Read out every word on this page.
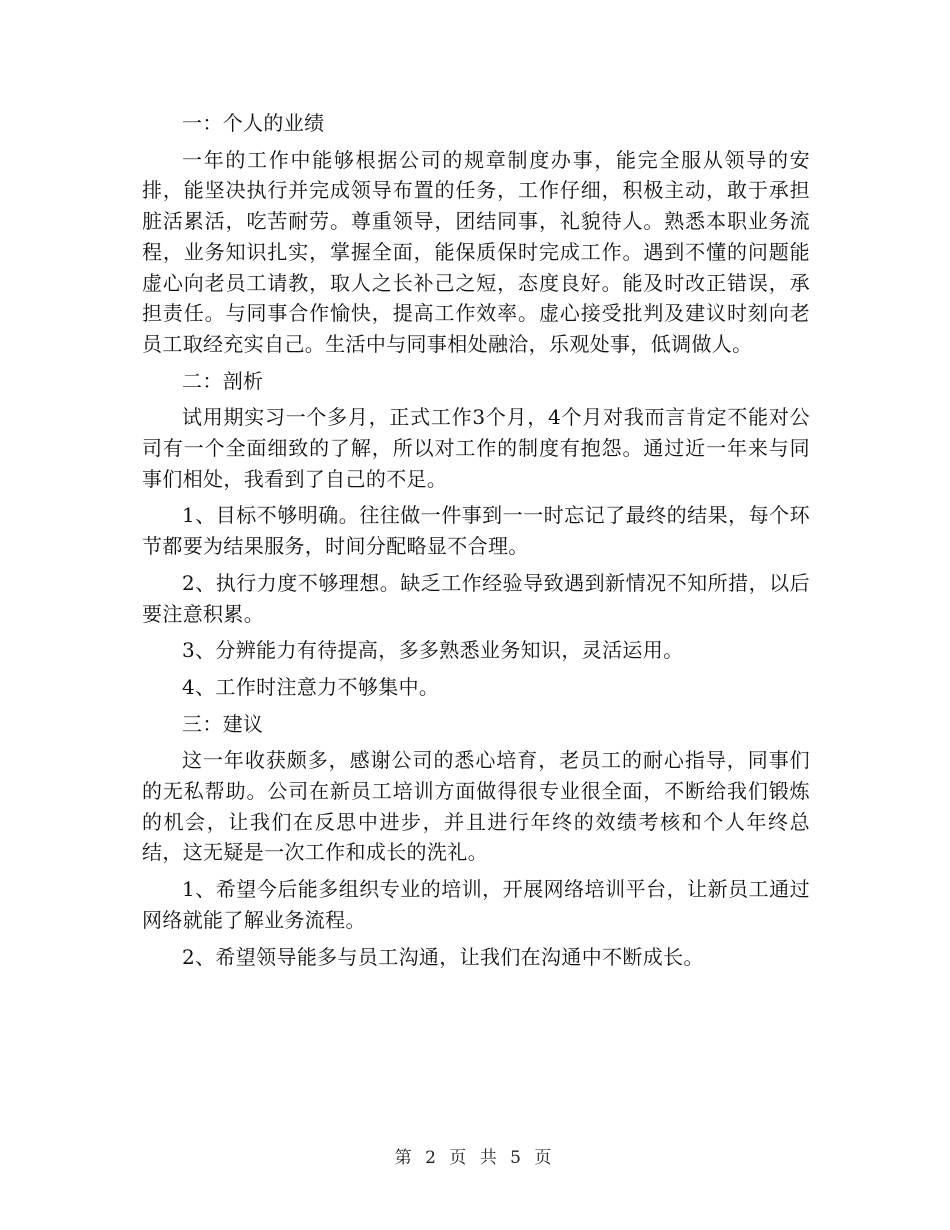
一：个人的业绩

一年的工作中能够根据公司的规章制度办事，能完全服从领导的安排，能坚决执行并完成领导布置的任务，工作仔细，积极主动，敢于承担脏活累活，吃苦耐劳。尊重领导，团结同事，礼貌待人。熟悉本职业务流程，业务知识扎实，掌握全面，能保质保时完成工作。遇到不懂的问题能虚心向老员工请教，取人之长补己之短，态度良好。能及时改正错误，承担责任。与同事合作愉快，提高工作效率。虚心接受批判及建议时刻向老员工取经充实自己。生活中与同事相处融洽，乐观处事，低调做人。

二：剖析

试用期实习一个多月，正式工作3个月，4个月对我而言肯定不能对公司有一个全面细致的了解，所以对工作的制度有抱怨。通过近一年来与同事们相处，我看到了自己的不足。

1、目标不够明确。往往做一件事到一一时忘记了最终的结果，每个环节都要为结果服务，时间分配略显不合理。

2、执行力度不够理想。缺乏工作经验导致遇到新情况不知所措，以后要注意积累。

3、分辨能力有待提高，多多熟悉业务知识，灵活运用。

4、工作时注意力不够集中。

三：建议

这一年收获颇多，感谢公司的悉心培育，老员工的耐心指导，同事们的无私帮助。公司在新员工培训方面做得很专业很全面，不断给我们锻炼的机会，让我们在反思中进步，并且进行年终的效绩考核和个人年终总结，这无疑是一次工作和成长的洗礼。

1、希望今后能多组织专业的培训，开展网络培训平台，让新员工通过网络就能了解业务流程。

2、希望领导能多与员工沟通，让我们在沟通中不断成长。

第 2 页 共 5 页
